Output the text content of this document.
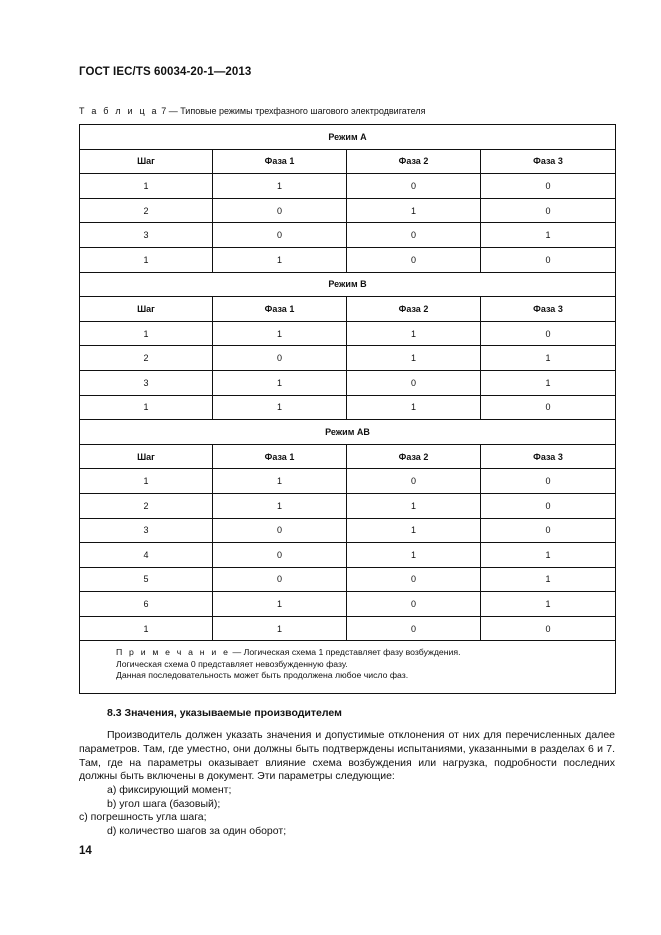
ГОСТ IEC/TS 60034-20-1—2013
Т а б л и ц а 7 — Типовые режимы трехфазного шагового электродвигателя
Режим А			
Шаг	Фаза 1	Фаза 2	Фаза 3
1	1	0	0
2	0	1	0
3	0	0	1
1	1	0	0
Режим В			
Шаг	Фаза 1	Фаза 2	Фаза 3
1	1	1	0
2	0	1	1
3	1	0	1
1	1	1	0
Режим АВ			
Шаг	Фаза 1	Фаза 2	Фаза 3
1	1	0	0
2	1	1	0
3	0	1	0
4	0	1	1
5	0	0	1
6	1	0	1
1	1	0	0

П р и м е ч а н и е — Логическая схема 1 представляет фазу возбуждения.
Логическая схема 0 представляет невозбужденную фазу.
Данная последовательность может быть продолжена любое число фаз.			
8.3 Значения, указываемые производителем

Производитель должен указать значения и допустимые отклонения от них для перечисленных далее параметров. Там, где уместно, они должны быть подтверждены испытаниями, указанными в разделах 6 и 7. Там, где на параметры оказывает влияние схема возбуждения или нагрузка, подробности последних должны быть включены в документ. Эти параметры следующие:

а) фиксирующий момент;
b) угол шага (базовый);
с) погрешность угла шага;
d) количество шагов за один оборот;
14
